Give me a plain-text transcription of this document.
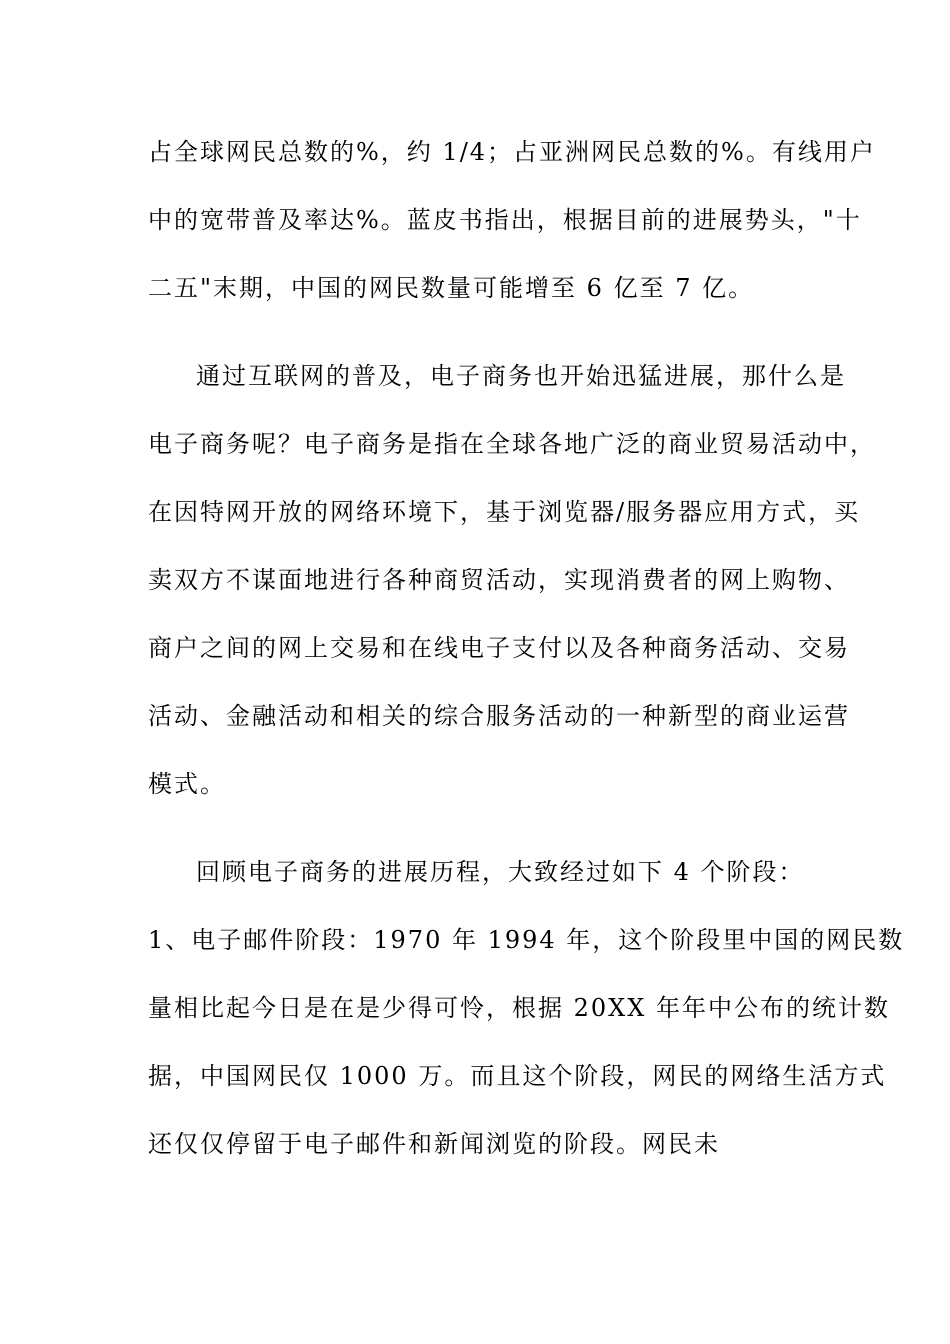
占全球网民总数的%，约 1/4；占亚洲网民总数的%。有线用户
中的宽带普及率达%。蓝皮书指出，根据目前的进展势头，"十
二五"末期，中国的网民数量可能增至 6 亿至 7 亿。
通过互联网的普及，电子商务也开始迅猛进展，那什么是
电子商务呢？电子商务是指在全球各地广泛的商业贸易活动中，
在因特网开放的网络环境下，基于浏览器/服务器应用方式，买
卖双方不谋面地进行各种商贸活动，实现消费者的网上购物、
商户之间的网上交易和在线电子支付以及各种商务活动、交易
活动、金融活动和相关的综合服务活动的一种新型的商业运营
模式。
回顾电子商务的进展历程，大致经过如下 4 个阶段：
1、电子邮件阶段：1970 年 1994 年，这个阶段里中国的网民数
量相比起今日是在是少得可怜，根据 20XX 年年中公布的统计数
据，中国网民仅 1000 万。而且这个阶段，网民的网络生活方式
还仅仅停留于电子邮件和新闻浏览的阶段。网民未
